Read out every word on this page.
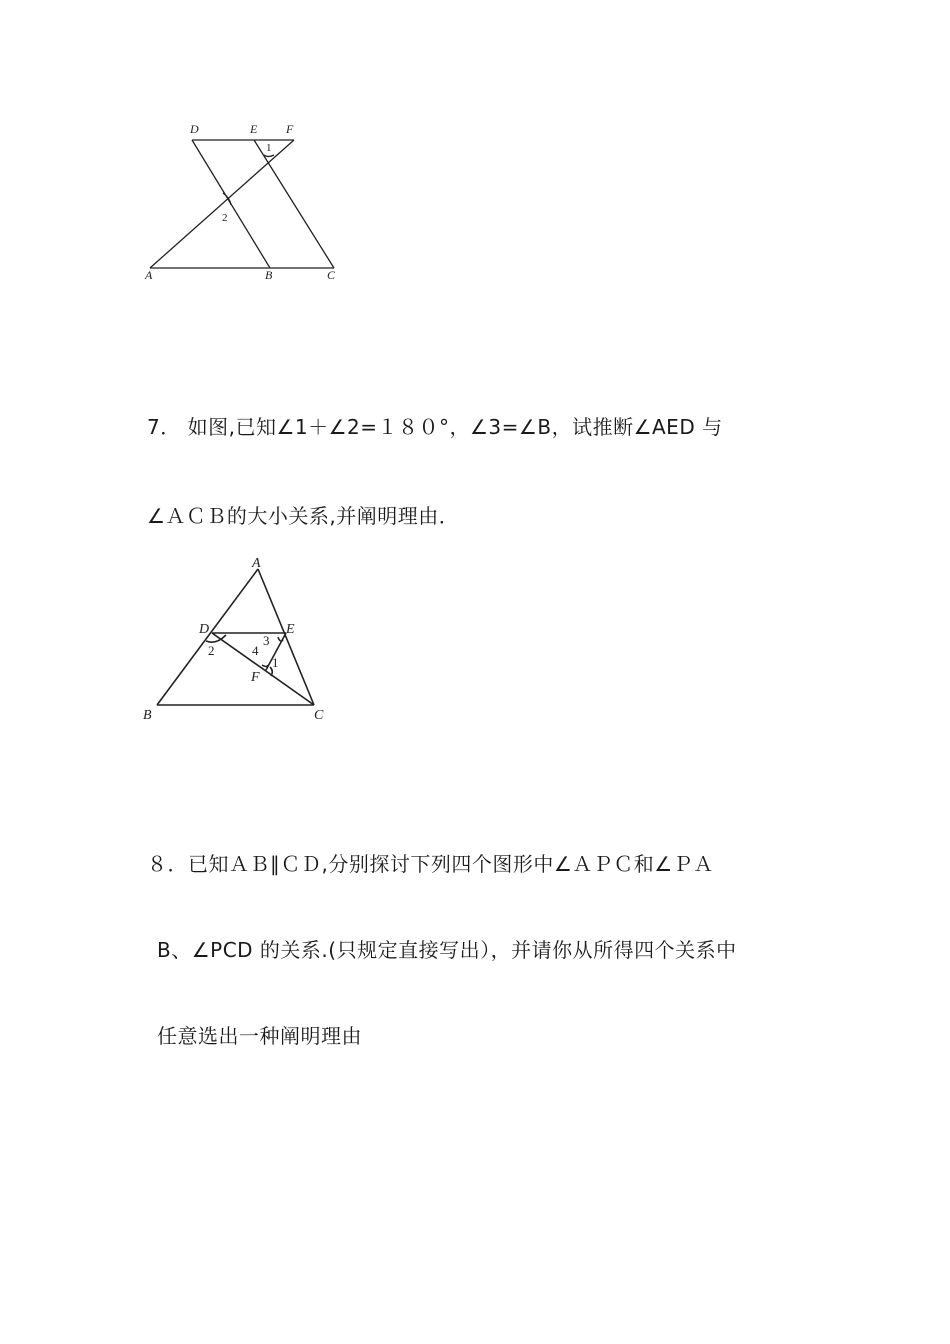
D	E F
1
2
A	B	C
7． 如图,已知∠1＋∠2=１８０°，∠3=∠B，试推断∠AED 与
∠ＡＣＢ的大小关系,并阐明理由．
A
D	E
2
3
4
1
F
B	C
８．已知ＡＢ∥ＣＤ,分别探讨下列四个图形中∠ＡＰＣ和∠ＰＡ
B、∠PCD 的关系.(只规定直接写出），并请你从所得四个关系中
任意选出一种阐明理由
